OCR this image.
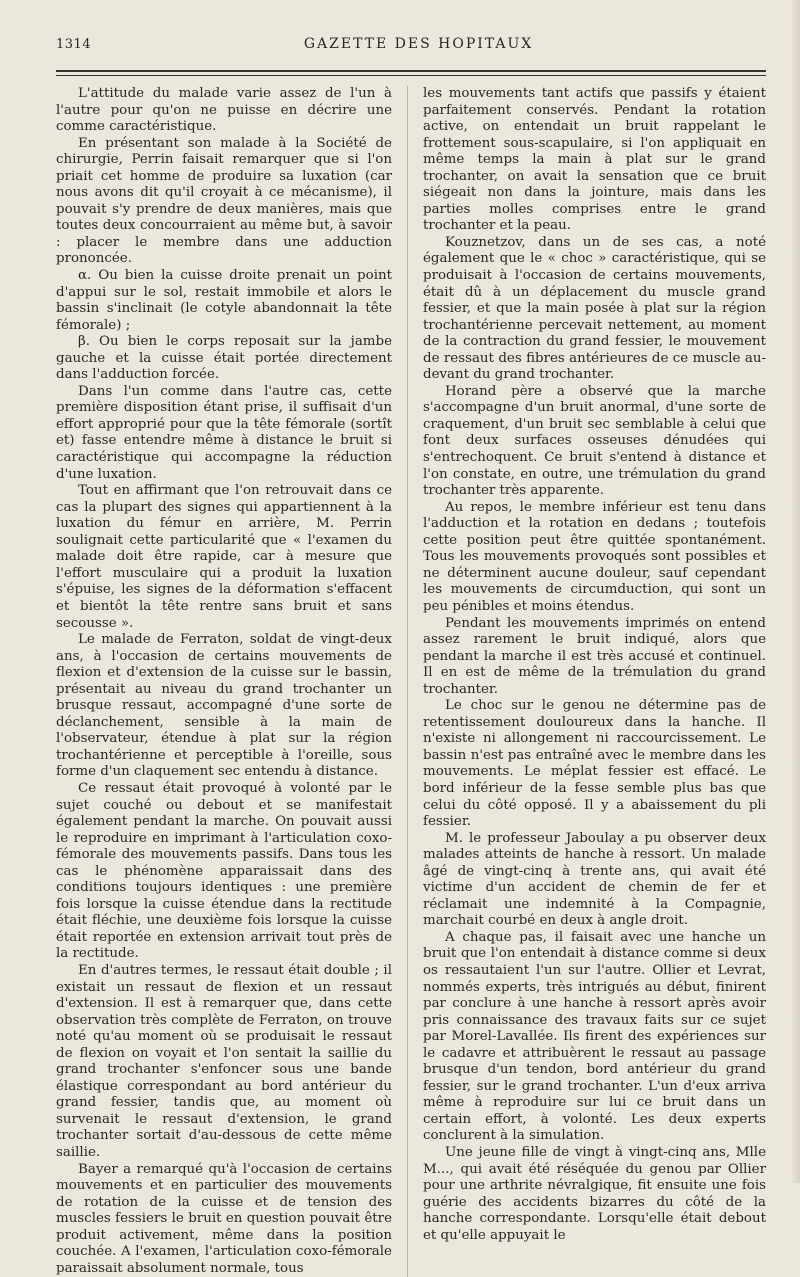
1314	GAZETTE DES HOPITAUX

L'attitude du malade varie assez de l'un à l'autre pour qu'on ne puisse en décrire une comme caractéristique.

En présentant son malade à la Société de chirurgie, Perrin faisait remarquer que si l'on priait cet homme de produire sa luxation (car nous avons dit qu'il croyait à ce mécanisme), il pouvait s'y prendre de deux manières, mais que toutes deux concourraient au même but, à savoir : placer le membre dans une adduction prononcée.

α. Ou bien la cuisse droite prenait un point d'appui sur le sol, restait immobile et alors le bassin s'inclinait (le cotyle abandonnait la tête fémorale) ;

β. Ou bien le corps reposait sur la jambe gauche et la cuisse était portée directement dans l'adduction forcée.

Dans l'un comme dans l'autre cas, cette première disposition étant prise, il suffisait d'un effort approprié pour que la tête fémorale (sortît et) fasse entendre même à distance le bruit si caractéristique qui accompagne la réduction d'une luxation.

Tout en affirmant que l'on retrouvait dans ce cas la plupart des signes qui appartiennent à la luxation du fémur en arrière, M. Perrin soulignait cette particularité que « l'examen du malade doit être rapide, car à mesure que l'effort musculaire qui a produit la luxation s'épuise, les signes de la déformation s'effacent et bientôt la tête rentre sans bruit et sans secousse ».

Le malade de Ferraton, soldat de vingt-deux ans, à l'occasion de certains mouvements de flexion et d'extension de la cuisse sur le bassin, présentait au niveau du grand trochanter un brusque ressaut, accompagné d'une sorte de déclanchement, sensible à la main de l'observateur, étendue à plat sur la région trochantérienne et perceptible à l'oreille, sous forme d'un claquement sec entendu à distance.

Ce ressaut était provoqué à volonté par le sujet couché ou debout et se manifestait également pendant la marche. On pouvait aussi le reproduire en imprimant à l'articulation coxo-fémorale des mouvements passifs. Dans tous les cas le phénomène apparaissait dans des conditions toujours identiques : une première fois lorsque la cuisse étendue dans la rectitude était fléchie, une deuxième fois lorsque la cuisse était reportée en extension arrivait tout près de la rectitude.

En d'autres termes, le ressaut était double ; il existait un ressaut de flexion et un ressaut d'extension. Il est à remarquer que, dans cette observation très complète de Ferraton, on trouve noté qu'au moment où se produisait le ressaut de flexion on voyait et l'on sentait la saillie du grand trochanter s'enfoncer sous une bande élastique correspondant au bord antérieur du grand fessier, tandis que, au moment où survenait le ressaut d'extension, le grand trochanter sortait d'au-dessous de cette même saillie.

Bayer a remarqué qu'à l'occasion de certains mouvements et en particulier des mouvements de rotation de la cuisse et de tension des muscles fessiers le bruit en question pouvait être produit activement, même dans la position couchée. A l'examen, l'articulation coxo-fémorale paraissait absolument normale, tous

les mouvements tant actifs que passifs y étaient parfaitement conservés. Pendant la rotation active, on entendait un bruit rappelant le frottement sous-scapulaire, si l'on appliquait en même temps la main à plat sur le grand trochanter, on avait la sensation que ce bruit siégeait non dans la jointure, mais dans les parties molles comprises entre le grand trochanter et la peau.

Kouznetzov, dans un de ses cas, a noté également que le « choc » caractéristique, qui se produisait à l'occasion de certains mouvements, était dû à un déplacement du muscle grand fessier, et que la main posée à plat sur la région trochantérienne percevait nettement, au moment de la contraction du grand fessier, le mouvement de ressaut des fibres antérieures de ce muscle au-devant du grand trochanter.

Horand père a observé que la marche s'accompagne d'un bruit anormal, d'une sorte de craquement, d'un bruit sec semblable à celui que font deux surfaces osseuses dénudées qui s'entrechoquent. Ce bruit s'entend à distance et l'on constate, en outre, une trémulation du grand trochanter très apparente.

Au repos, le membre inférieur est tenu dans l'adduction et la rotation en dedans ; toutefois cette position peut être quittée spontanément. Tous les mouvements provoqués sont possibles et ne déterminent aucune douleur, sauf cependant les mouvements de circumduction, qui sont un peu pénibles et moins étendus.

Pendant les mouvements imprimés on entend assez rarement le bruit indiqué, alors que pendant la marche il est très accusé et continuel. Il en est de même de la trémulation du grand trochanter.

Le choc sur le genou ne détermine pas de retentissement douloureux dans la hanche. Il n'existe ni allongement ni raccourcissement. Le bassin n'est pas entraîné avec le membre dans les mouvements. Le méplat fessier est effacé. Le bord inférieur de la fesse semble plus bas que celui du côté opposé. Il y a abaissement du pli fessier.

M. le professeur Jaboulay a pu observer deux malades atteints de hanche à ressort. Un malade âgé de vingt-cinq à trente ans, qui avait été victime d'un accident de chemin de fer et réclamait une indemnité à la Compagnie, marchait courbé en deux à angle droit.

A chaque pas, il faisait avec une hanche un bruit que l'on entendait à distance comme si deux os ressautaient l'un sur l'autre. Ollier et Levrat, nommés experts, très intrigués au début, finirent par conclure à une hanche à ressort après avoir pris connaissance des travaux faits sur ce sujet par Morel-Lavallée. Ils firent des expériences sur le cadavre et attribuèrent le ressaut au passage brusque d'un tendon, bord antérieur du grand fessier, sur le grand trochanter. L'un d'eux arriva même à reproduire sur lui ce bruit dans un certain effort, à volonté. Les deux experts conclurent à la simulation.

Une jeune fille de vingt à vingt-cinq ans, Mlle M..., qui avait été réséquée du genou par Ollier pour une arthrite névralgique, fit ensuite une fois guérie des accidents bizarres du côté de la hanche correspondante. Lorsqu'elle était debout et qu'elle appuyait le
